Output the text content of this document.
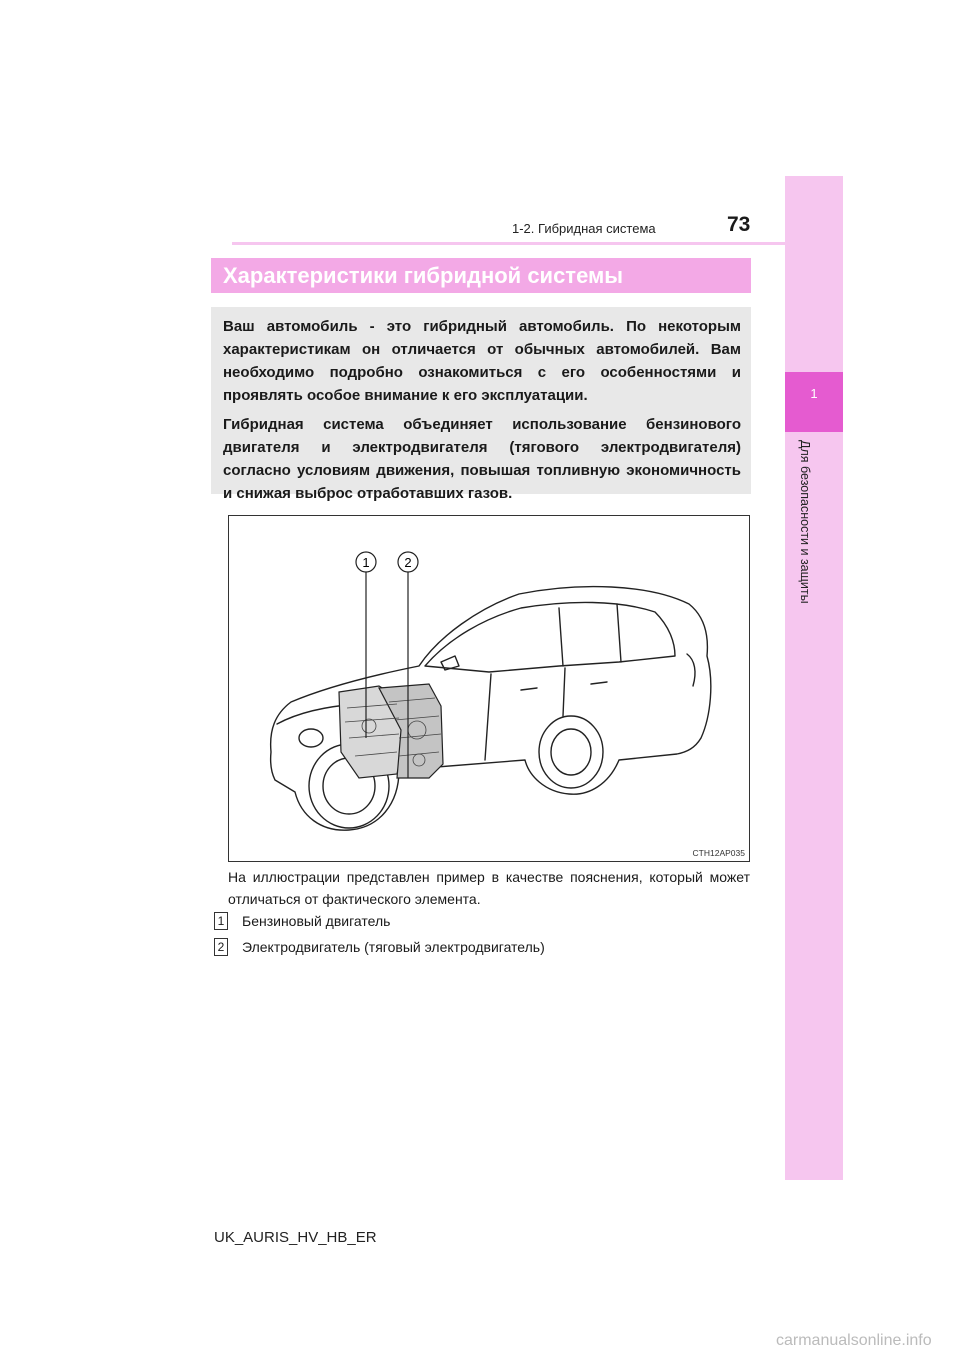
1
Для безопасности и защиты
1-2. Гибридная система	73
Характеристики гибридной системы

Ваш автомобиль - это гибридный автомобиль. По некоторым характеристикам он отличается от обычных автомобилей. Вам необходимо подробно ознакомиться с его особенностями и проявлять особое внимание к его эксплуатации.

Гибридная система объединяет использование бензинового двигателя и электродвигателя (тягового электродвигателя) согласно условиям движения, повышая топливную экономичность и снижая выброс отработавших газов.

1	2
CTH12AP035

На иллюстрации представлен пример в качестве пояснения, который может отличаться от фактического элемента.

1 Бензиновый двигатель
2 Электродвигатель (тяговый электродвигатель)
UK_AURIS_HV_HB_ER
carmanualsonline.info
